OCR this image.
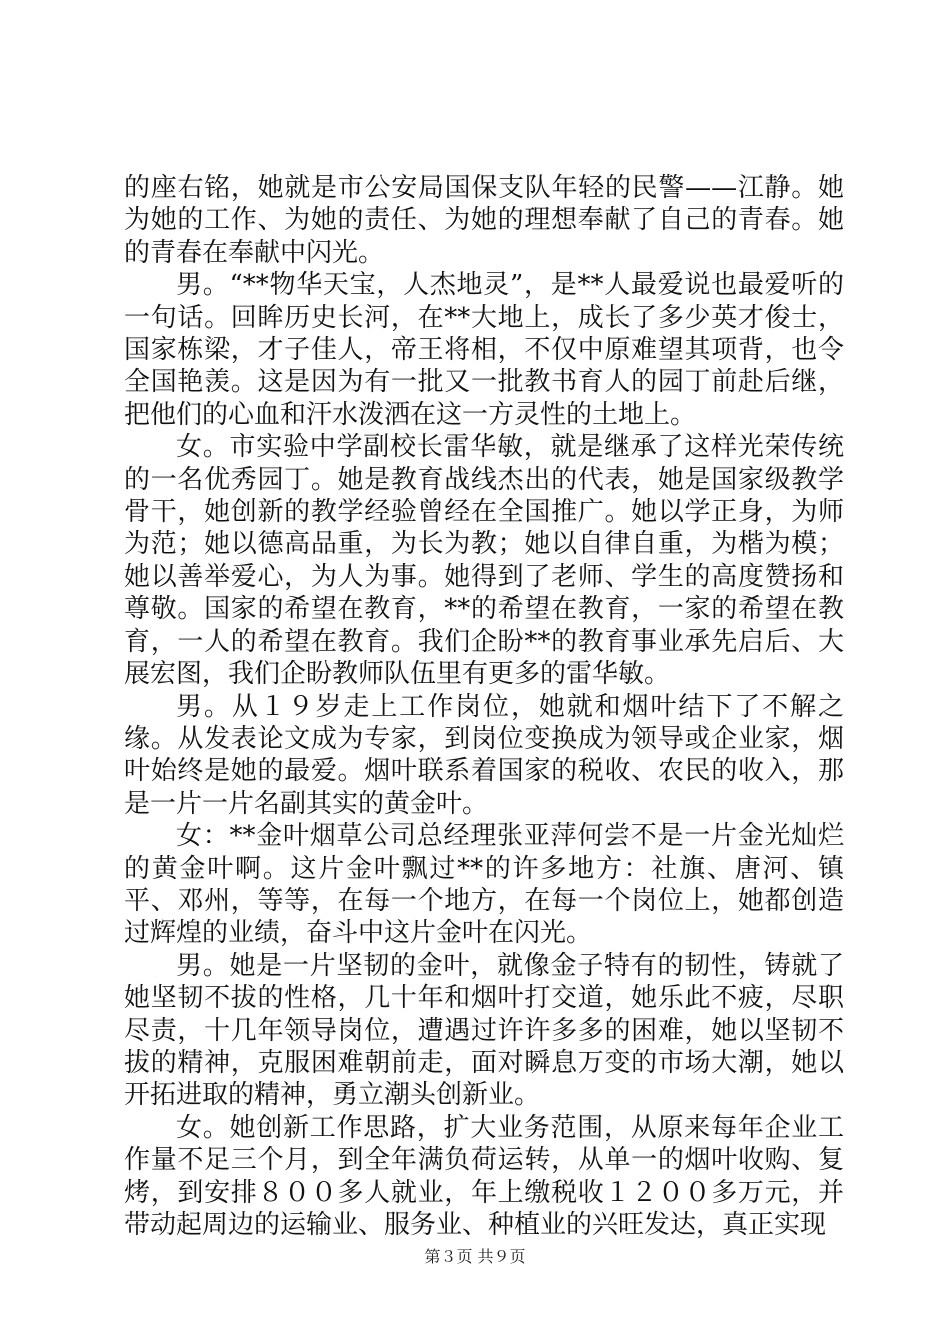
的座右铭，她就是市公安局国保支队年轻的民警——江静。她为她的工作、为她的责任、为她的理想奉献了自己的青春。她的青春在奉献中闪光。

男。“**物华天宝，人杰地灵”，是**人最爱说也最爱听的一句话。回眸历史长河，在**大地上，成长了多少英才俊士，国家栋梁，才子佳人，帝王将相，不仅中原难望其项背，也令全国艳羡。这是因为有一批又一批教书育人的园丁前赴后继，把他们的心血和汗水泼洒在这一方灵性的土地上。

女。市实验中学副校长雷华敏，就是继承了这样光荣传统的一名优秀园丁。她是教育战线杰出的代表，她是国家级教学骨干，她创新的教学经验曾经在全国推广。她以学正身，为师为范；她以德高品重，为长为教；她以自律自重，为楷为模；她以善举爱心，为人为事。她得到了老师、学生的高度赞扬和尊敬。国家的希望在教育，**的希望在教育，一家的希望在教育，一人的希望在教育。我们企盼**的教育事业承先启后、大展宏图，我们企盼教师队伍里有更多的雷华敏。

男。从１９岁走上工作岗位，她就和烟叶结下了不解之缘。从发表论文成为专家，到岗位变换成为领导或企业家，烟叶始终是她的最爱。烟叶联系着国家的税收、农民的收入，那是一片一片名副其实的黄金叶。

女：**金叶烟草公司总经理张亚萍何尝不是一片金光灿烂的黄金叶啊。这片金叶飘过**的许多地方：社旗、唐河、镇平、邓州，等等，在每一个地方，在每一个岗位上，她都创造过辉煌的业绩，奋斗中这片金叶在闪光。

男。她是一片坚韧的金叶，就像金子特有的韧性，铸就了她坚韧不拔的性格，几十年和烟叶打交道，她乐此不疲，尽职尽责，十几年领导岗位，遭遇过许许多多的困难，她以坚韧不拔的精神，克服困难朝前走，面对瞬息万变的市场大潮，她以开拓进取的精神，勇立潮头创新业。

女。她创新工作思路，扩大业务范围，从原来每年企业工作量不足三个月，到全年满负荷运转，从单一的烟叶收购、复烤，到安排８００多人就业，年上缴税收１２００多万元，并带动起周边的运输业、服务业、种植业的兴旺发达，真正实现

第３页 共９页
